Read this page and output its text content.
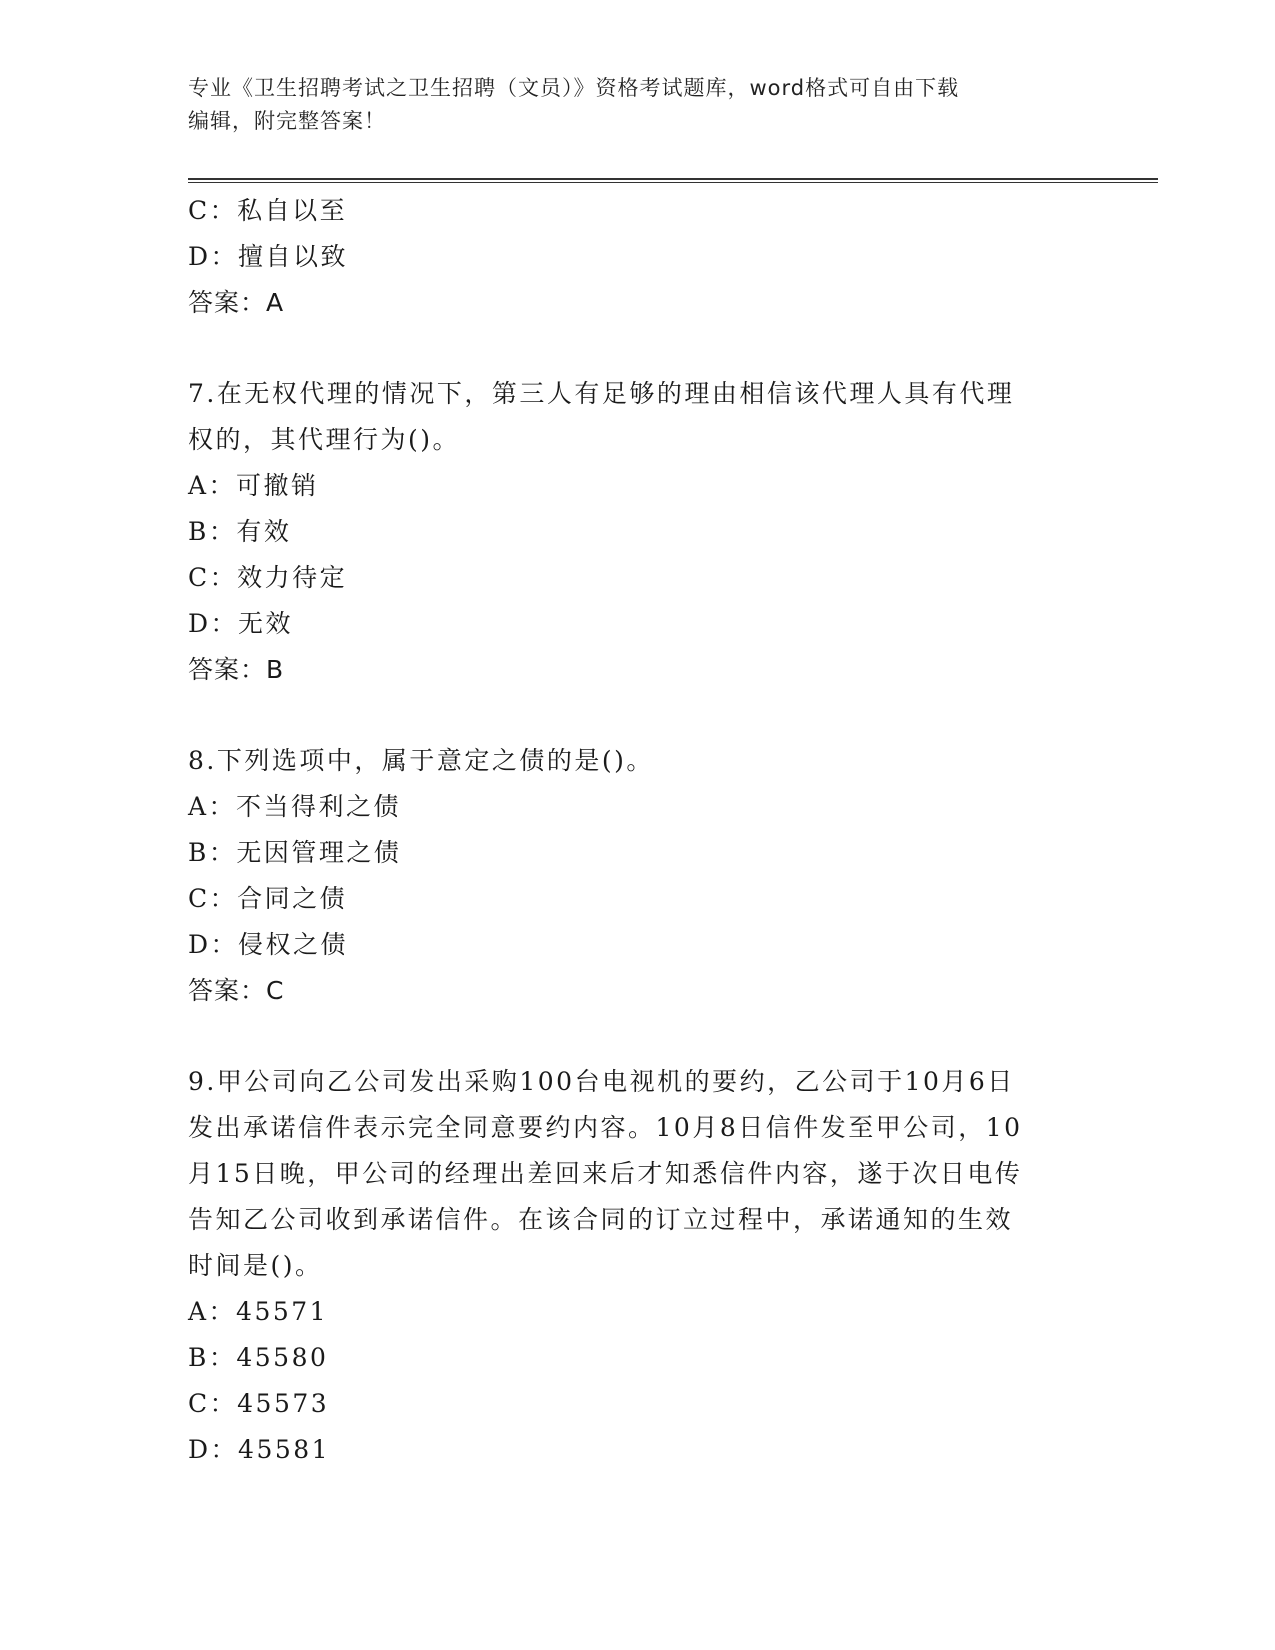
专业《卫生招聘考试之卫生招聘（文员）》资格考试题库，word格式可自由下载
编辑，附完整答案！
C：私自以至
D：擅自以致
答案：A
7.在无权代理的情况下，第三人有足够的理由相信该代理人具有代理
权的，其代理行为()。
A：可撤销
B：有效
C：效力待定
D：无效
答案：B
8.下列选项中，属于意定之债的是()。
A：不当得利之债
B：无因管理之债
C：合同之债
D：侵权之债
答案：C
9.甲公司向乙公司发出采购100台电视机的要约，乙公司于10月6日
发出承诺信件表示完全同意要约内容。10月8日信件发至甲公司，10
月15日晚，甲公司的经理出差回来后才知悉信件内容，遂于次日电传
告知乙公司收到承诺信件。在该合同的订立过程中，承诺通知的生效
时间是()。
A：45571
B：45580
C：45573
D：45581
